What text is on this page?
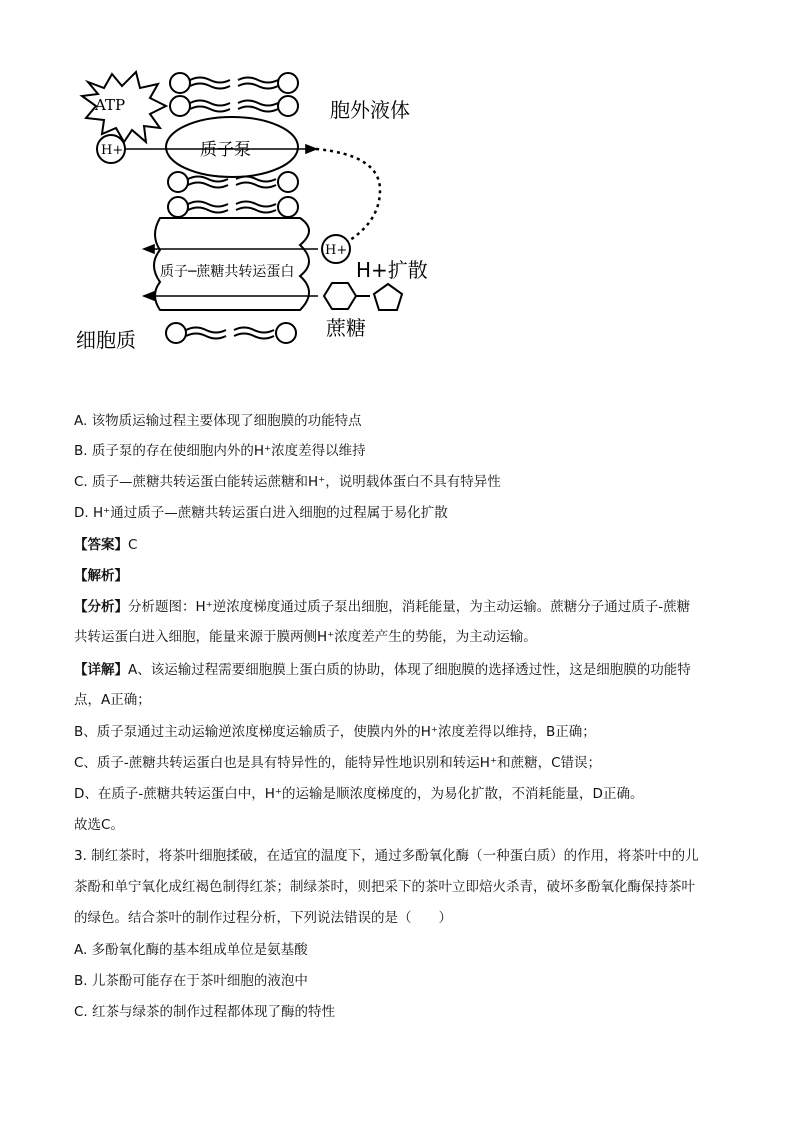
ATP
H+
H+
质子泵
质子─蔗糖共转运蛋白
胞外液体
H+扩散
蔗糖
细胞质
A. 该物质运输过程主要体现了细胞膜的功能特点
B. 质子泵的存在使细胞内外的H⁺浓度差得以维持
C. 质子—蔗糖共转运蛋白能转运蔗糖和H⁺，说明载体蛋白不具有特异性
D. H⁺通过质子—蔗糖共转运蛋白进入细胞的过程属于易化扩散
【答案】C
【解析】
【分析】分析题图：H⁺逆浓度梯度通过质子泵出细胞，消耗能量，为主动运输。蔗糖分子通过质子-蔗糖
共转运蛋白进入细胞，能量来源于膜两侧H⁺浓度差产生的势能，为主动运输。
【详解】A、该运输过程需要细胞膜上蛋白质的协助，体现了细胞膜的选择透过性，这是细胞膜的功能特
点，A正确；
B、质子泵通过主动运输逆浓度梯度运输质子，使膜内外的H⁺浓度差得以维持，B正确；
C、质子-蔗糖共转运蛋白也是具有特异性的，能特异性地识别和转运H⁺和蔗糖，C错误；
D、在质子-蔗糖共转运蛋白中，H⁺的运输是顺浓度梯度的，为易化扩散，不消耗能量，D正确。
故选C。
3. 制红茶时，将茶叶细胞揉破，在适宜的温度下，通过多酚氧化酶（一种蛋白质）的作用，将茶叶中的儿
茶酚和单宁氧化成红褐色制得红茶；制绿茶时，则把采下的茶叶立即焙火杀青，破坏多酚氧化酶保持茶叶
的绿色。结合茶叶的制作过程分析，下列说法错误的是（　　）
A. 多酚氧化酶的基本组成单位是氨基酸
B. 儿茶酚可能存在于茶叶细胞的液泡中
C. 红茶与绿茶的制作过程都体现了酶的特性
